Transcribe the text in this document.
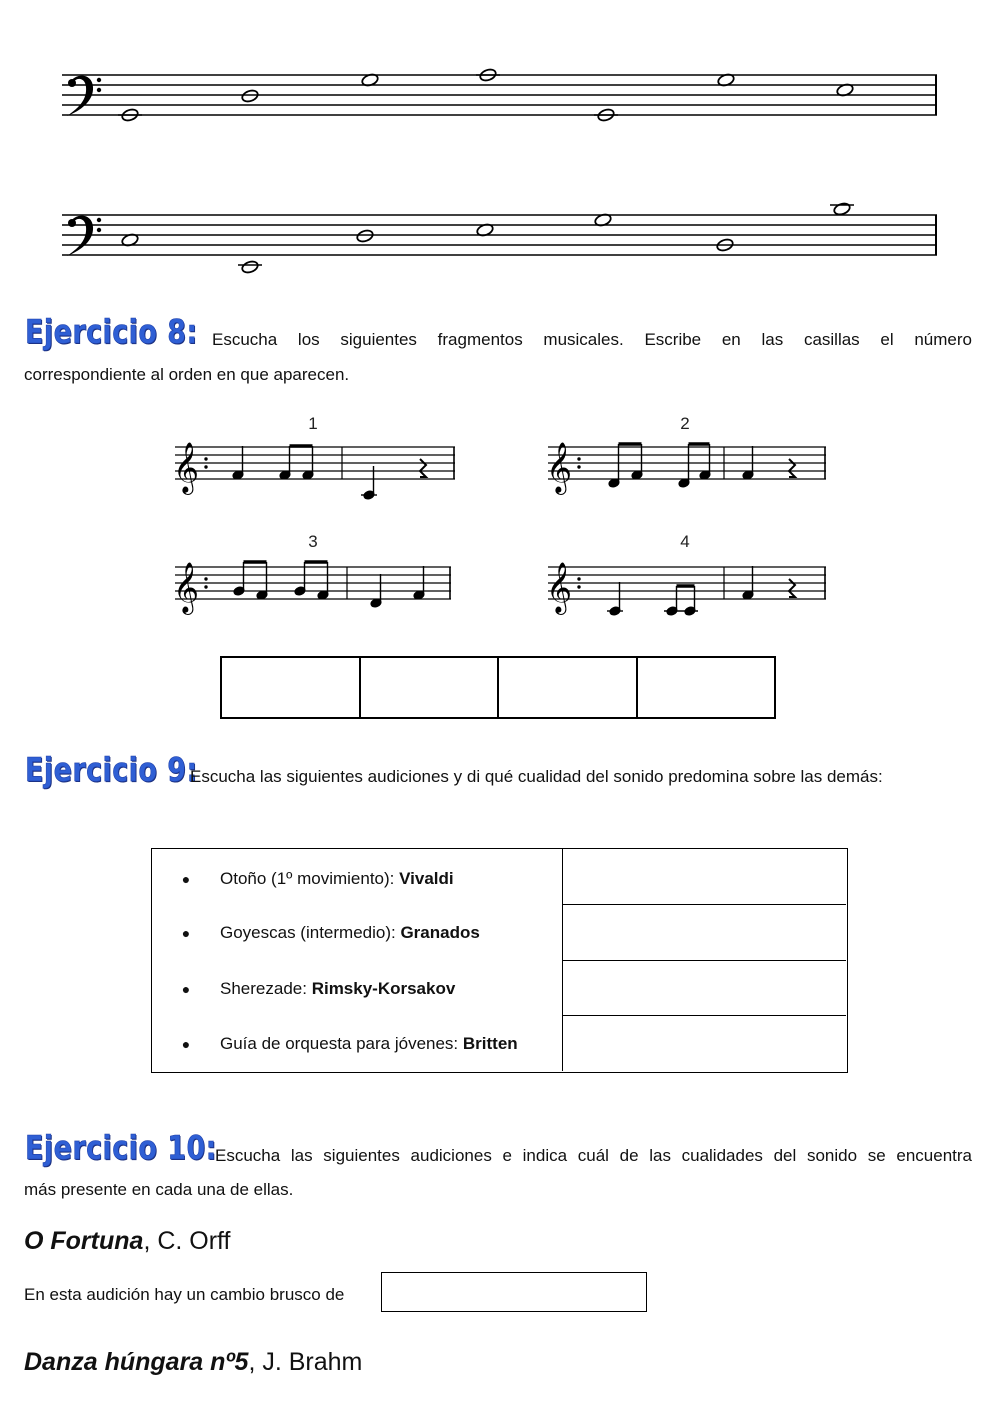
Ejercicio 8: Escucha los siguientes fragmentos musicales. Escribe en las casillas el número
correspondiente al orden en que aparecen.
1	2
3	4
𝄞	𝄞
𝄞	𝄞
Ejercicio 9:
Escucha las siguientes audiciones y di qué cualidad del sonido predomina sobre las demás:
●	Otoño (1º movimiento): Vivaldi
●	Goyescas (intermedio): Granados
●	Sherezade: Rimsky-Korsakov
●	Guía de orquesta para jóvenes: Britten
Ejercicio 10:
Escucha las siguientes audiciones e indica cuál de las cualidades del sonido se encuentra
más presente en cada una de ellas.
O Fortuna, C. Orff
En esta audición hay un cambio brusco de
Danza húngara nº5, J. Brahm
